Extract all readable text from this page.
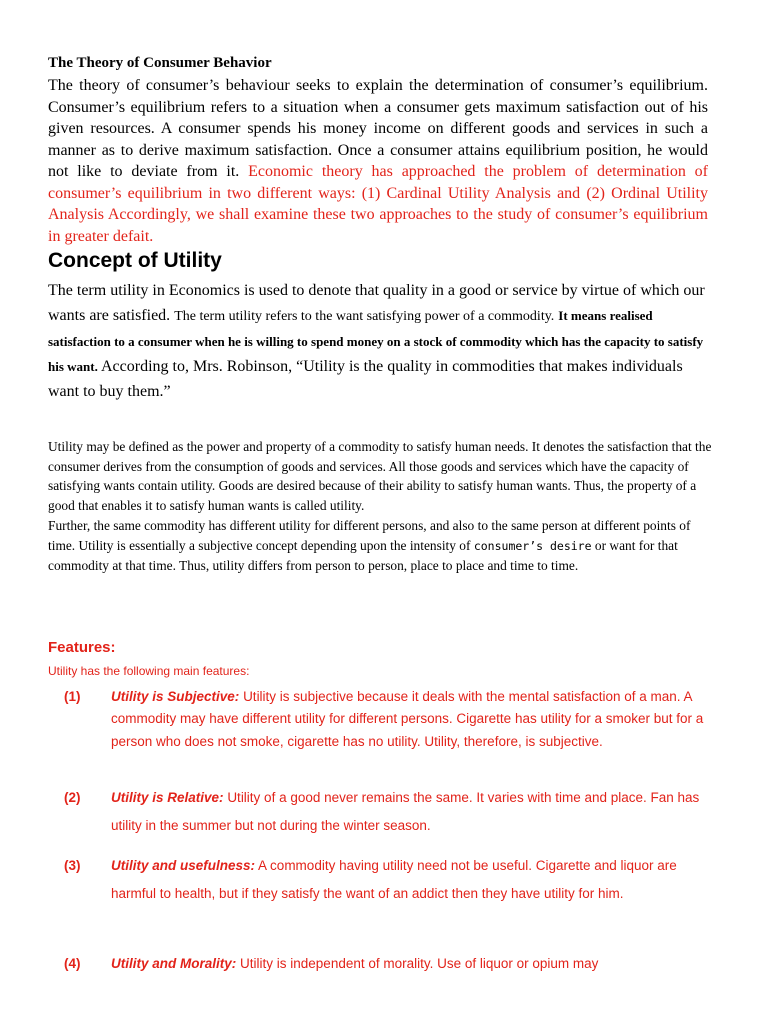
The Theory of Consumer Behavior

The theory of consumer’s behaviour seeks to explain the determination of consumer’s equilibrium. Consumer’s equilibrium refers to a situation when a consumer gets maximum satisfaction out of his given resources. A consumer spends his money income on different goods and services in such a manner as to derive maximum satisfaction. Once a consumer attains equilibrium position, he would not like to deviate from it. Economic theory has approached the problem of determination of consumer’s equilibrium in two different ways: (1) Cardinal Utility Analysis and (2) Ordinal Utility Analysis Accordingly, we shall examine these two approaches to the study of consumer’s equilibrium in greater defait.

Concept of Utility

The term utility in Economics is used to denote that quality in a good or service by virtue of which our wants are satisfied. The term utility refers to the want satisfying power of a commodity. It means realised satisfaction to a consumer when he is willing to spend money on a stock of commodity which has the capacity to satisfy his want. According to, Mrs. Robinson, “Utility is the quality in commodities that makes individuals want to buy them.”

Utility may be defined as the power and property of a commodity to satisfy human needs. It denotes the satisfaction that the consumer derives from the consumption of goods and services. All those goods and services which have the capacity of satisfying wants contain utility. Goods are desired because of their ability to satisfy human wants. Thus, the property of a good that enables it to satisfy human wants is called utility.
Further, the same commodity has different utility for different persons, and also to the same person at different points of time. Utility is essentially a subjective concept depending upon the intensity of consumer’s desire or want for that commodity at that time. Thus, utility differs from person to person, place to place and time to time.

Features:

Utility has the following main features:

(1) Utility is Subjective: Utility is subjective because it deals with the mental satisfaction of a man. A commodity may have different utility for different persons. Cigarette has utility for a smoker but for a person who does not smoke, cigarette has no utility. Utility, therefore, is subjective.
(2) Utility is Relative: Utility of a good never remains the same. It varies with time and place. Fan has utility in the summer but not during the winter season.
(3) Utility and usefulness: A commodity having utility need not be useful. Cigarette and liquor are harmful to health, but if they satisfy the want of an addict then they have utility for him.
(4) Utility and Morality: Utility is independent of morality. Use of liquor or opium may
